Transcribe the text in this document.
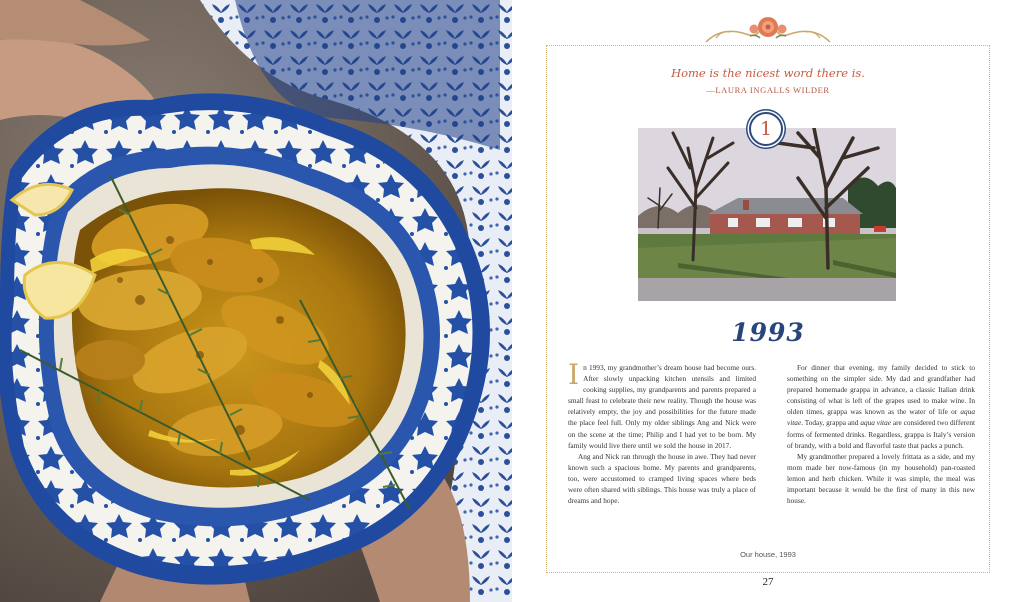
Home is the nicest word there is.
—LAURA INGALLS WILDER
1
1993

In 1993, my grandmother’s dream house had become ours. After slowly unpacking kitchen utensils and limited cooking supplies, my grandparents and parents prepared a small feast to celebrate their new reality. Though the house was relatively empty, the joy and possibilities for the future made the place feel full. Only my older siblings Ang and Nick were on the scene at the time; Philip and I had yet to be born. My family would live there until we sold the house in 2017.

Ang and Nick ran through the house in awe. They had never known such a spacious home. My parents and grandparents, too, were accustomed to cramped living spaces where beds were often shared with siblings. This house was truly a place of dreams and hope.

For dinner that evening, my family decided to stick to something on the simpler side. My dad and grandfather had prepared homemade grappa in advance, a classic Italian drink consisting of what is left of the grapes used to make wine. In olden times, grappa was known as the water of life or aqua vitae. Today, grappa and aqua vitae are considered two different forms of fermented drinks. Regardless, grappa is Italy’s version of brandy, with a bold and flavorful taste that packs a punch.

My grandmother prepared a lovely frittata as a side, and my mom made her now-famous (in my household) pan-roasted lemon and herb chicken. While it was simple, the meal was important because it would be the first of many in this new house.

Our house, 1993
27
